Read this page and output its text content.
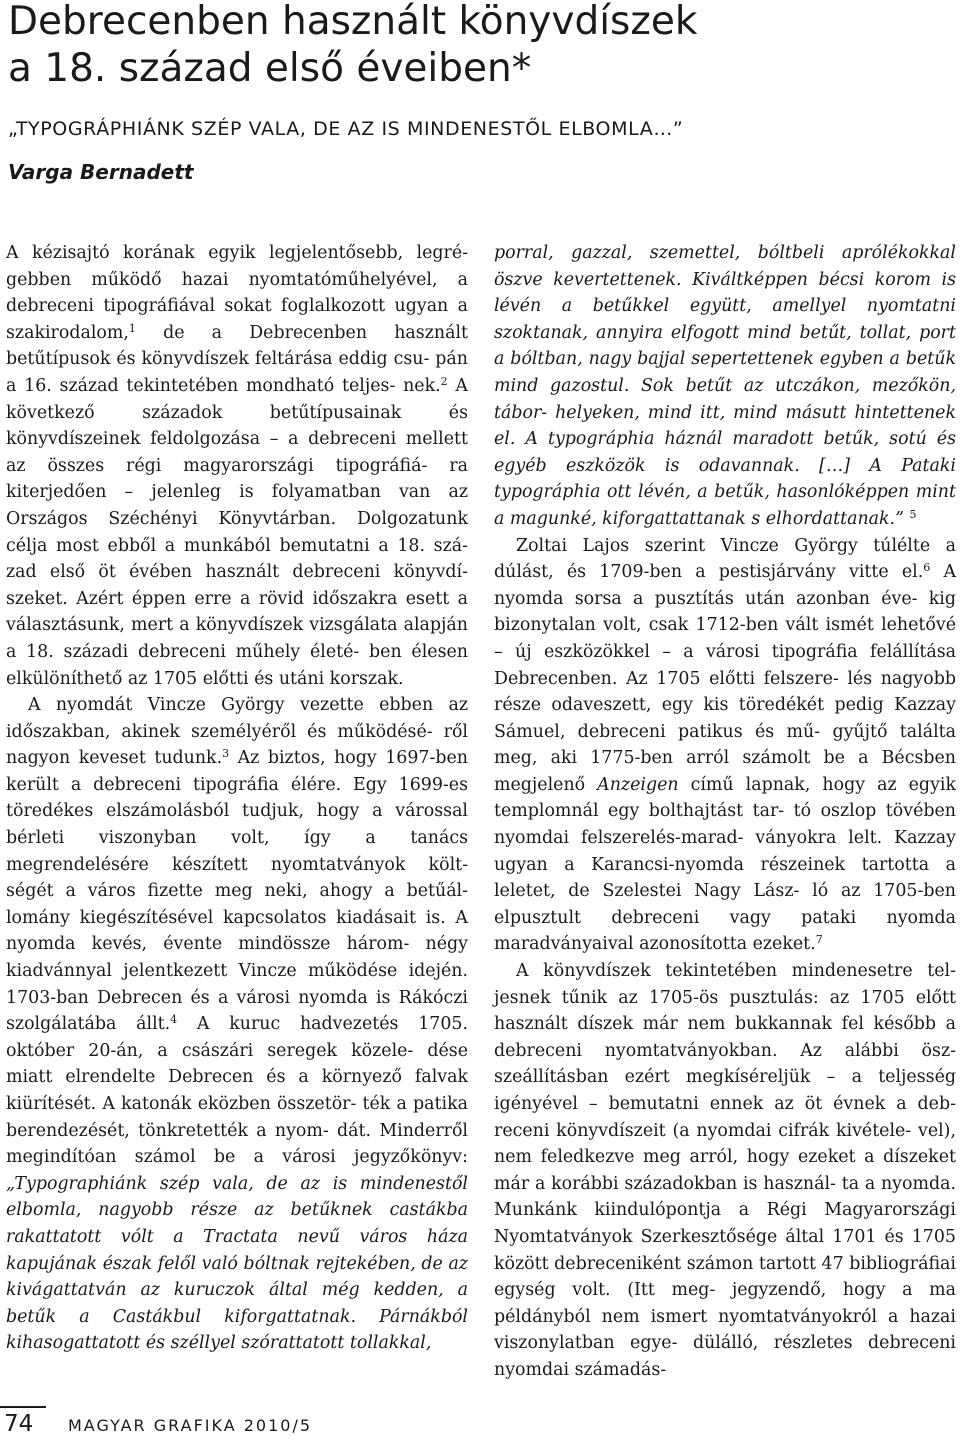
Debrecenben használt könyvdíszek
a 18. század első éveiben*
„TYPOGRÁPHIÁNK SZÉP VALA, DE AZ IS MINDENESTŐL ELBOMLA…”
Varga Bernadett

A kézisajtó korának egyik legjelentősebb, legré- gebben működő hazai nyomtatóműhelyével, a debreceni tipográfiával sokat foglalkozott ugyan a szakirodalom,$^1$ de a Debrecenben használt betűtípusok és könyvdíszek feltárása eddig csu- pán a 16. század tekintetében mondható teljes- nek.$^2$ A következő századok betűtípusainak és könyvdíszeinek feldolgozása – a debreceni mellett az összes régi magyarországi tipográfiá- ra kiterjedően – jelenleg is folyamatban van az Országos Széchényi Könyvtárban. Dolgozatunk célja most ebből a munkából bemutatni a 18. szá- zad első öt évében használt debreceni könyvdí- szeket. Azért éppen erre a rövid időszakra esett a választásunk, mert a könyvdíszek vizsgálata alapján a 18. századi debreceni műhely életé- ben élesen elkülöníthető az 1705 előtti és utáni korszak.

A nyomdát Vincze György vezette ebben az időszakban, akinek személyéről és működésé- ről nagyon keveset tudunk.$^3$ Az biztos, hogy 1697-ben került a debreceni tipográfia élére. Egy 1699-es töredékes elszámolásból tudjuk, hogy a várossal bérleti viszonyban volt, így a tanács megrendelésére készített nyomtatványok költ- ségét a város fizette meg neki, ahogy a betűál- lomány kiegészítésével kapcsolatos kiadásait is. A nyomda kevés, évente mindössze három- négy kiadvánnyal jelentkezett Vincze működése idején. 1703-ban Debrecen és a városi nyomda is Rákóczi szolgálatába állt.$^4$ A kuruc hadvezetés 1705. október 20-án, a császári seregek közele- dése miatt elrendelte Debrecen és a környező falvak kiürítését. A katonák eközben összetör- ték a patika berendezését, tönkretették a nyom- dát. Minderről megindítóan számol be a városi jegyzőkönyv: „Typographiánk szép vala, de az is mindenestől elbomla, nagyobb része az betűknek castákba rakattatott vólt a Tractata nevű város háza kapujának észak felől való bóltnak rejtekében, de az kivágattatván az kuruczok által még kedden, a betűk a Castákbul kiforgattatnak. Párnákból kihasogattatott és széllyel szórattatott tollakkal,

porral, gazzal, szemettel, bóltbeli aprólékokkal öszve kevertettenek. Kiváltképpen bécsi korom is lévén a betűkkel együtt, amellyel nyomtatni szoktanak, annyira elfogott mind betűt, tollat, port a bóltban, nagy bajjal sepertettenek egyben a betűk mind gazostul. Sok betűt az utczákon, mezőkön, tábor- helyeken, mind itt, mind másutt hintettenek el. A typográphia háznál maradott betűk, sotú és egyéb eszközök is odavannak. […] A Pataki typográphia ott lévén, a betűk, hasonlóképpen mint a magunké, kiforgattattanak s elhordattanak.” $^5$

Zoltai Lajos szerint Vincze György túlélte a dúlást, és 1709-ben a pestisjárvány vitte el.$^6$ A nyomda sorsa a pusztítás után azonban éve- kig bizonytalan volt, csak 1712-ben vált ismét lehetővé – új eszközökkel – a városi tipográfia felállítása Debrecenben. Az 1705 előtti felszere- lés nagyobb része odaveszett, egy kis töredékét pedig Kazzay Sámuel, debreceni patikus és mű- gyűjtő találta meg, aki 1775-ben arról számolt be a Bécsben megjelenő Anzeigen című lapnak, hogy az egyik templomnál egy bolthajtást tar- tó oszlop tövében nyomdai felszerelés-marad- ványokra lelt. Kazzay ugyan a Karancsi-nyomda részeinek tartotta a leletet, de Szelestei Nagy Lász- ló az 1705-ben elpusztult debreceni vagy pataki nyomda maradványaival azonosította ezeket.$^7$

A könyvdíszek tekintetében mindenesetre tel- jesnek tűnik az 1705-ös pusztulás: az 1705 előtt használt díszek már nem bukkannak fel később a debreceni nyomtatványokban. Az alábbi ösz- szeállításban ezért megkíséreljük – a teljesség igényével – bemutatni ennek az öt évnek a deb- receni könyvdíszeit (a nyomdai cifrák kivétele- vel), nem feledkezve meg arról, hogy ezeket a díszeket már a korábbi századokban is használ- ta a nyomda. Munkánk kiindulópontja a Régi Magyarországi Nyomtatványok Szerkesztősége által 1701 és 1705 között debreceniként számon tartott 47 bibliográfiai egység volt. (Itt meg- jegyzendő, hogy a ma példányból nem ismert nyomtatványokról a hazai viszonylatban egye- dülálló, részletes debreceni nyomdai számadás-

74 MAGYAR GRAFIKA 2010/5
